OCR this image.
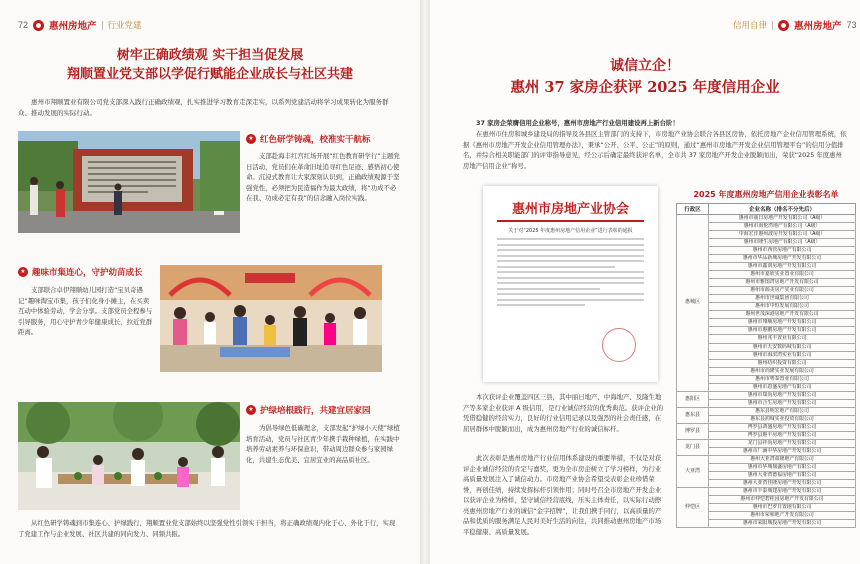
72 惠州房地产 行业党建
树牢正确政绩观 实干担当促发展
翔顺置业党支部以学促行赋能企业成长与社区共建
惠州市翔顺置业有限公司党支部深入践行正确政绩观，扎实推进学习教育走深走实，以系列党建活动将学习成果转化为服务群众、推动发展的实际行动。
★ 红色研学铸魂，校准实干航标
支部赴海丰红宫红场开展“红色教育研学行”主题党日活动，党员们在革命旧址追寻红色足迹、感悟初心使命。沉浸式教育让大家深刻认识到，正确政绩观源于坚强党性，必须把为民造福作为最大政绩，将“功成不必在我、功成必定有我”的信念融入岗位实践。
★ 趣味市集连心，守护幼苗成长
支部联合卓伊翔顺幼儿园打造“宝贝奇遇记”趣味淘宝市集，孩子们化身小摊主，在买卖互动中体验劳动，学会分享。支部党员全程参与引导服务，用心守护青少年健康成长，拉近党群距离。
★ 护绿培根践行，共建宜居家园
为倡导绿色低碳理念，支部发起“护绿小天使”绿植培育活动，党员与社区青少年携手栽种绿植，在实践中培养劳动素养与环保意识，带动周边群众参与家园绿化，共建生态优美、宜居宜业的高品质社区。
从红色研学铸魂到市集连心、护绿践行，翔顺置业党支部始终以坚强党性引领实干担当，将正确政绩观内化于心、外化于行，实现了党建工作与企业发展、社区共建的同向发力、同频共振。
信用自律	惠州房地产 73
诚信立企！
惠州 37 家房企获评 2025 年度信用企业
37 家房企荣膺信用企业称号，惠州市房地产行业信用建设再上新台阶！
在惠州市住房和城乡建设局的指导及各县区主管部门的支持下，市房地产业协会联合各县区房协，依托房地产企业信用管理系统，依据《惠州市房地产开发企业信用管理办法》，秉承“公开、公平、公正”的原则，通过“惠州市房地产开发企业信用管理平台”的信用分值排名，并综合相关职能部门的评审指导意见，经公示后确定最终获评名单，全市共 37 家房地产开发企业脱颖而出，荣获“2025 年度惠州房地产信用企业”称号。
惠州市房地产业协会
关于对“2025 年度惠州房地产信用企业”进行表彰的通报
本次获评企业覆盖四区三县，其中丽日地产、中海地产、及隆生地产等多家企业获评 A 级信用，是行业诚信经营的优秀典范。获评企业的凭借稳健的经营实力，良好的行业信用记录以及强烈的社会责任感，在屈居群体中脱颖而出，成为惠州房地产行业的诚信标杆。
此次表彰是惠州房地产行业信用体系建设的重要举措，不仅是对获评企业诚信经营的肯定与嘉奖，更为全市房企树立了学习榜样，为行业高质量发展注入了诚信动力。市房地产业协会希望受表彰企业珍惜荣誉，再创佳绩，持续发挥标杆引领作用；同时号召全市房地产开发企业以获评企业为榜样，坚守诚信经营底线，压实主体责任，以实际行动擦亮惠州房地产行业的诚信“金字招牌”，让我们携手同行，以高质量的产品和优质的服务满足人民对美好生活的向往，共同推动惠州房地产市场平稳健康、高质量发展。
2025 年度惠州房地产信用企业表彰名单
行政区	企业名称（排名不分先后）
惠城区	惠州市丽日房地产开发有限公司（A级）
	惠州市海伦湾地产有限公司（A级）
	中海宏洋惠州波房开发有限公司（A级）
	惠州市隆生房地产有限公司（A级）
	惠州市西管房地产有限公司
	惠州市华品新城房地产开发有限公司
	惠州市鑫润房地产开发有限公司
	惠州市嘉欣实业置业有限公司
	惠州市雅图湾房地产开发有限公司
	惠州市源美房产实业有限公司
	惠州市世诚集团有限公司
	惠州市中恒发展有限公司
	惠州世茂深港房地产开发有限公司
	惠州市翔顺房地产开发有限公司
	惠州市惠鹏房地产开发有限公司
	惠州兆丰置业有限公司
	惠州市天安数码城有限公司
	惠州市海滨湾实业有限公司
	惠州纺织投资有限公司
	惠州市尚隆实业发展有限公司
	惠州市粤泰置业有限公司
	惠州市恩盛房地产有限公司
惠阳区	惠州市瑞尚房地产开发有限公司
	惠州市合生房地产开发有限公司
惠东县	惠东县明宏地产有限公司
	惠东县润城实业投资有限公司
博罗县	博罗县鸿盛房地产开发有限公司
	博罗县惠丰房地产开发有限公司
龙门县	龙门县祥尚房地产开发有限公司
	惠州市厂溪中华房地产开发有限公司
大亚湾	惠州大亚湾盈隆地产有限公司
	惠州市华城鼎盛房地产有限公司
	惠州大亚湾德福房地产有限公司
	惠州大亚湾佳隆房地产开发有限公司
仲恺区	惠州市丰泰城建房地产开发有限公司
	惠州市仲恺碧桂园房地产开发有限公司
	惠州市巴罗日置地有限公司
	惠州市荣和地产开发有限公司
	惠州市荣阳城投房地产开发有限公司
